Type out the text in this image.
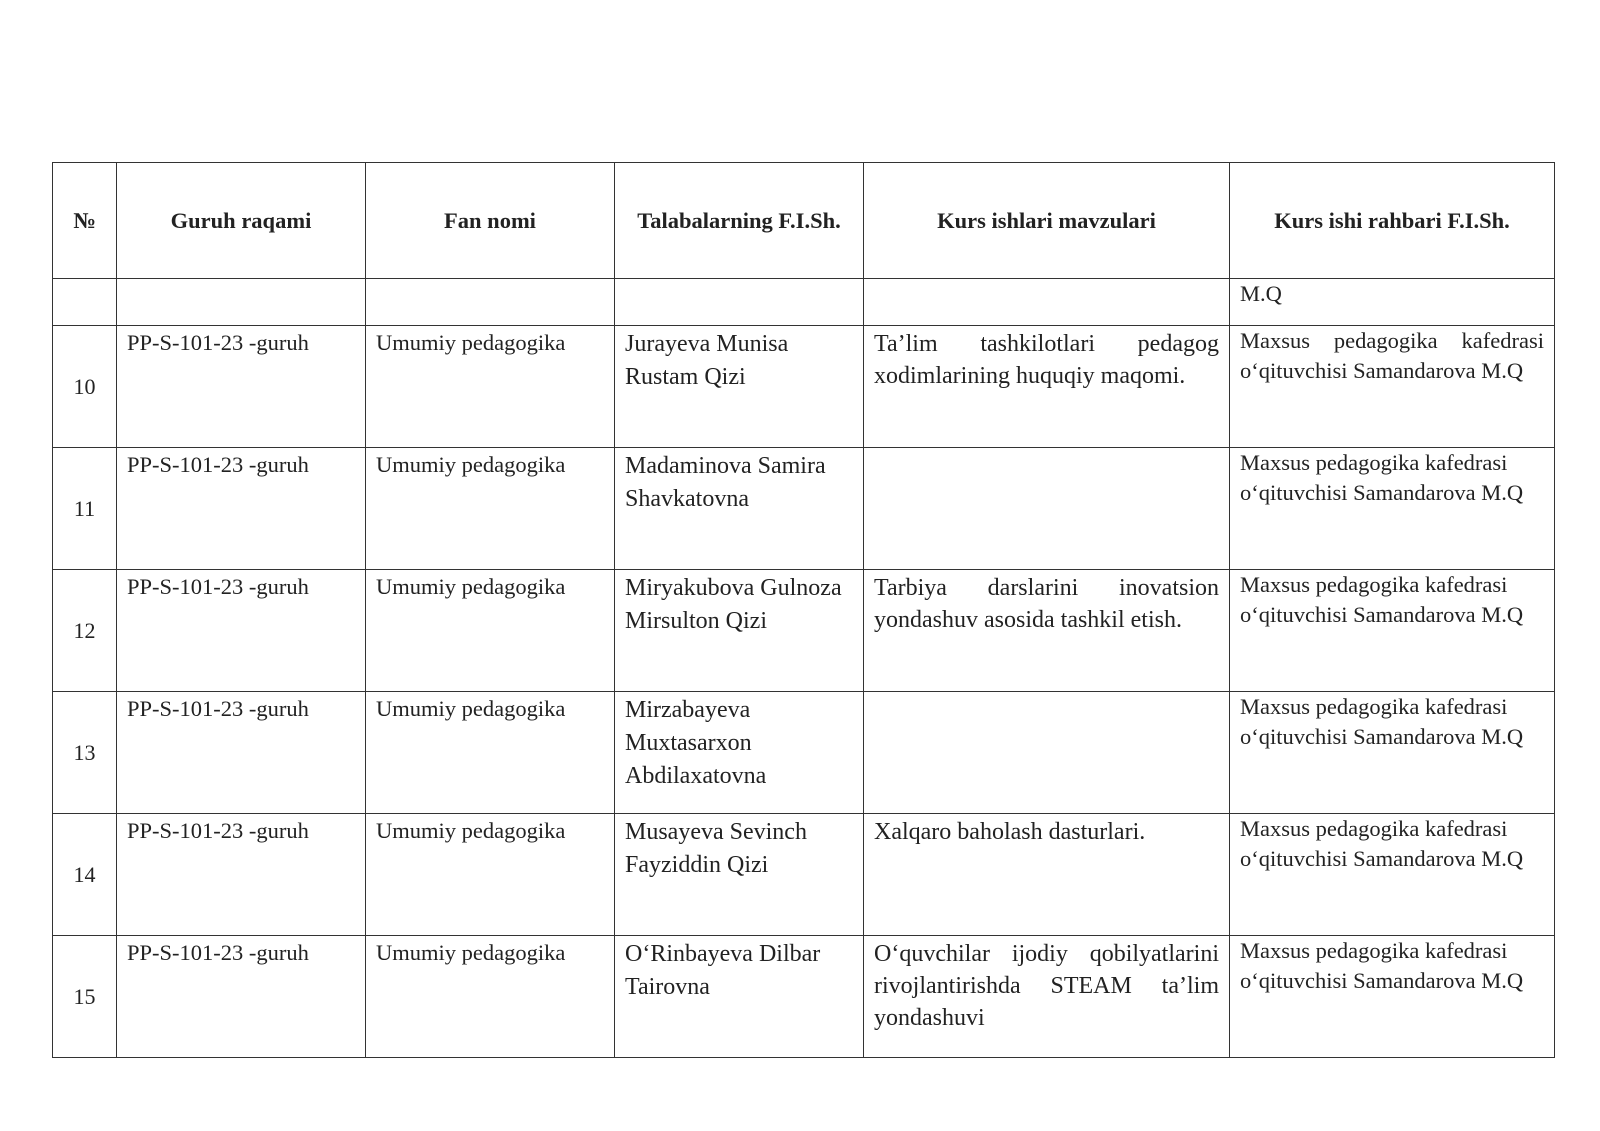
№	Guruh raqami	Fan nomi	Talabalarning F.I.Sh.	Kurs ishlari mavzulari	Kurs ishi rahbari F.I.Sh.
					M.Q
10	PP-S-101-23 -guruh	Umumiy pedagogika	Jurayeva Munisa Rustam Qizi	Ta’lim tashkilotlari pedagog xodimlarining huquqiy maqomi.	Maxsus pedagogika kafedrasi o‘qituvchisi Samandarova M.Q
11	PP-S-101-23 -guruh	Umumiy pedagogika	Madaminova Samira Shavkatovna		Maxsus pedagogika kafedrasi o‘qituvchisi Samandarova M.Q
12	PP-S-101-23 -guruh	Umumiy pedagogika	Miryakubova Gulnoza Mirsulton Qizi	Tarbiya darslarini inovatsion yondashuv asosida tashkil etish.	Maxsus pedagogika kafedrasi o‘qituvchisi Samandarova M.Q
13	PP-S-101-23 -guruh	Umumiy pedagogika	Mirzabayeva Muxtasarxon Abdilaxatovna		Maxsus pedagogika kafedrasi o‘qituvchisi Samandarova M.Q
14	PP-S-101-23 -guruh	Umumiy pedagogika	Musayeva Sevinch Fayziddin Qizi	Xalqaro baholash dasturlari.	Maxsus pedagogika kafedrasi o‘qituvchisi Samandarova M.Q
15	PP-S-101-23 -guruh	Umumiy pedagogika	O‘Rinbayeva Dilbar Tairovna	O‘quvchilar ijodiy qobilyatlarini rivojlantirishda STEAM ta’lim yondashuvi	Maxsus pedagogika kafedrasi o‘qituvchisi Samandarova M.Q
